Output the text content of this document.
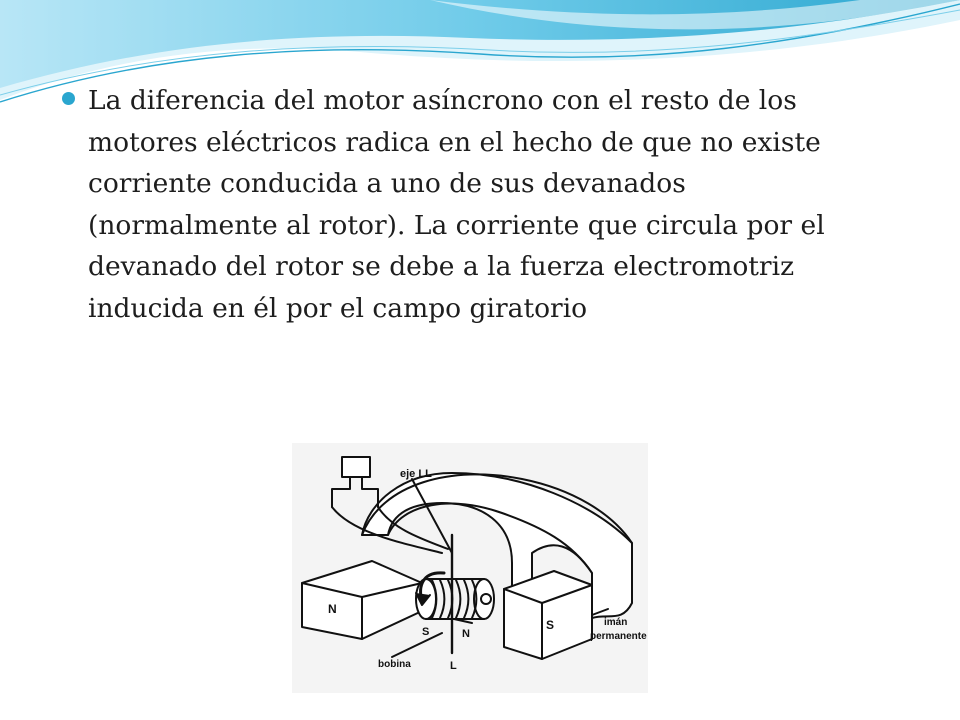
La diferencia del motor asíncrono con el resto de los
motores eléctricos radica en el hecho de que no existe
corriente conducida a uno de sus devanados
(normalmente al rotor). La corriente que circula por el
devanado del rotor se debe a la fuerza electromotriz
inducida en él por el campo giratorio

eje LL
N
S
S	N
imán
permanente
bobina	L
